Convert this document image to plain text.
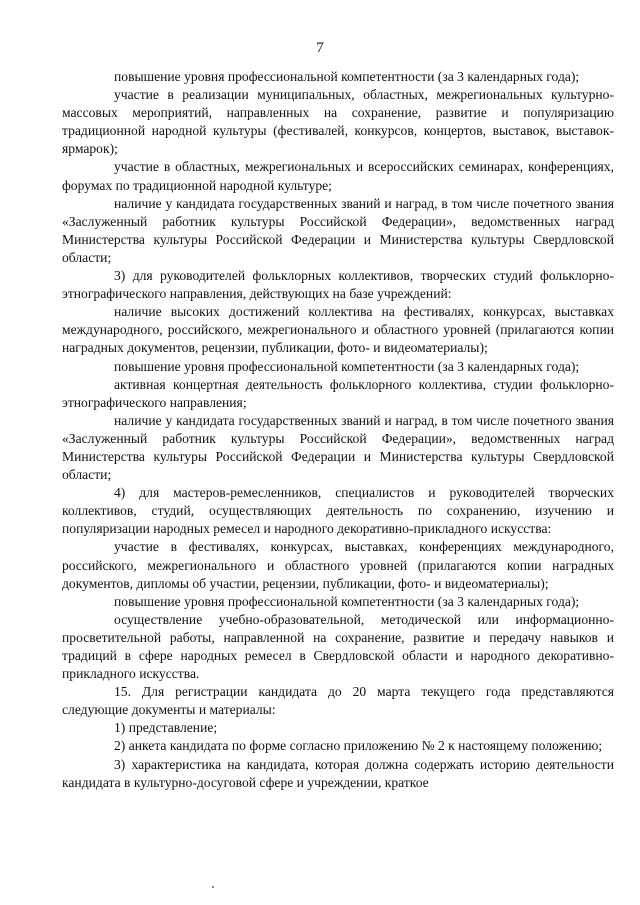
7

повышение уровня профессиональной компетентности (за 3 календарных года);

участие в реализации муниципальных, областных, межрегиональных культурно-массовых мероприятий, направленных на сохранение, развитие и популяризацию традиционной народной культуры (фестивалей, конкурсов, концертов, выставок, выставок-ярмарок);

участие в областных, межрегиональных и всероссийских семинарах, конференциях, форумах по традиционной народной культуре;

наличие у кандидата государственных званий и наград, в том числе почетного звания «Заслуженный работник культуры Российской Федерации», ведомственных наград Министерства культуры Российской Федерации и Министерства культуры Свердловской области;

3) для руководителей фольклорных коллективов, творческих студий фольклорно-этнографического направления, действующих на базе учреждений:

наличие высоких достижений коллектива на фестивалях, конкурсах, выставках международного, российского, межрегионального и областного уровней (прилагаются копии наградных документов, рецензии, публикации, фото- и видеоматериалы);

повышение уровня профессиональной компетентности (за 3 календарных года);

активная концертная деятельность фольклорного коллектива, студии фольклорно-этнографического направления;

наличие у кандидата государственных званий и наград, в том числе почетного звания «Заслуженный работник культуры Российской Федерации», ведомственных наград Министерства культуры Российской Федерации и Министерства культуры Свердловской области;

4) для мастеров-ремесленников, специалистов и руководителей творческих коллективов, студий, осуществляющих деятельность по сохранению, изучению и популяризации народных ремесел и народного декоративно-прикладного искусства:

участие в фестивалях, конкурсах, выставках, конференциях международного, российского, межрегионального и областного уровней (прилагаются копии наградных документов, дипломы об участии, рецензии, публикации, фото- и видеоматериалы);

повышение уровня профессиональной компетентности (за 3 календарных года);

осуществление учебно-образовательной, методической или информационно-просветительной работы, направленной на сохранение, развитие и передачу навыков и традиций в сфере народных ремесел в Свердловской области и народного декоративно-прикладного искусства.

15. Для регистрации кандидата до 20 марта текущего года представляются следующие документы и материалы:

1) представление;

2) анкета кандидата по форме согласно приложению № 2 к настоящему положению;

3) характеристика на кандидата, которая должна содержать историю деятельности кандидата в культурно-досуговой сфере и учреждении, краткое
